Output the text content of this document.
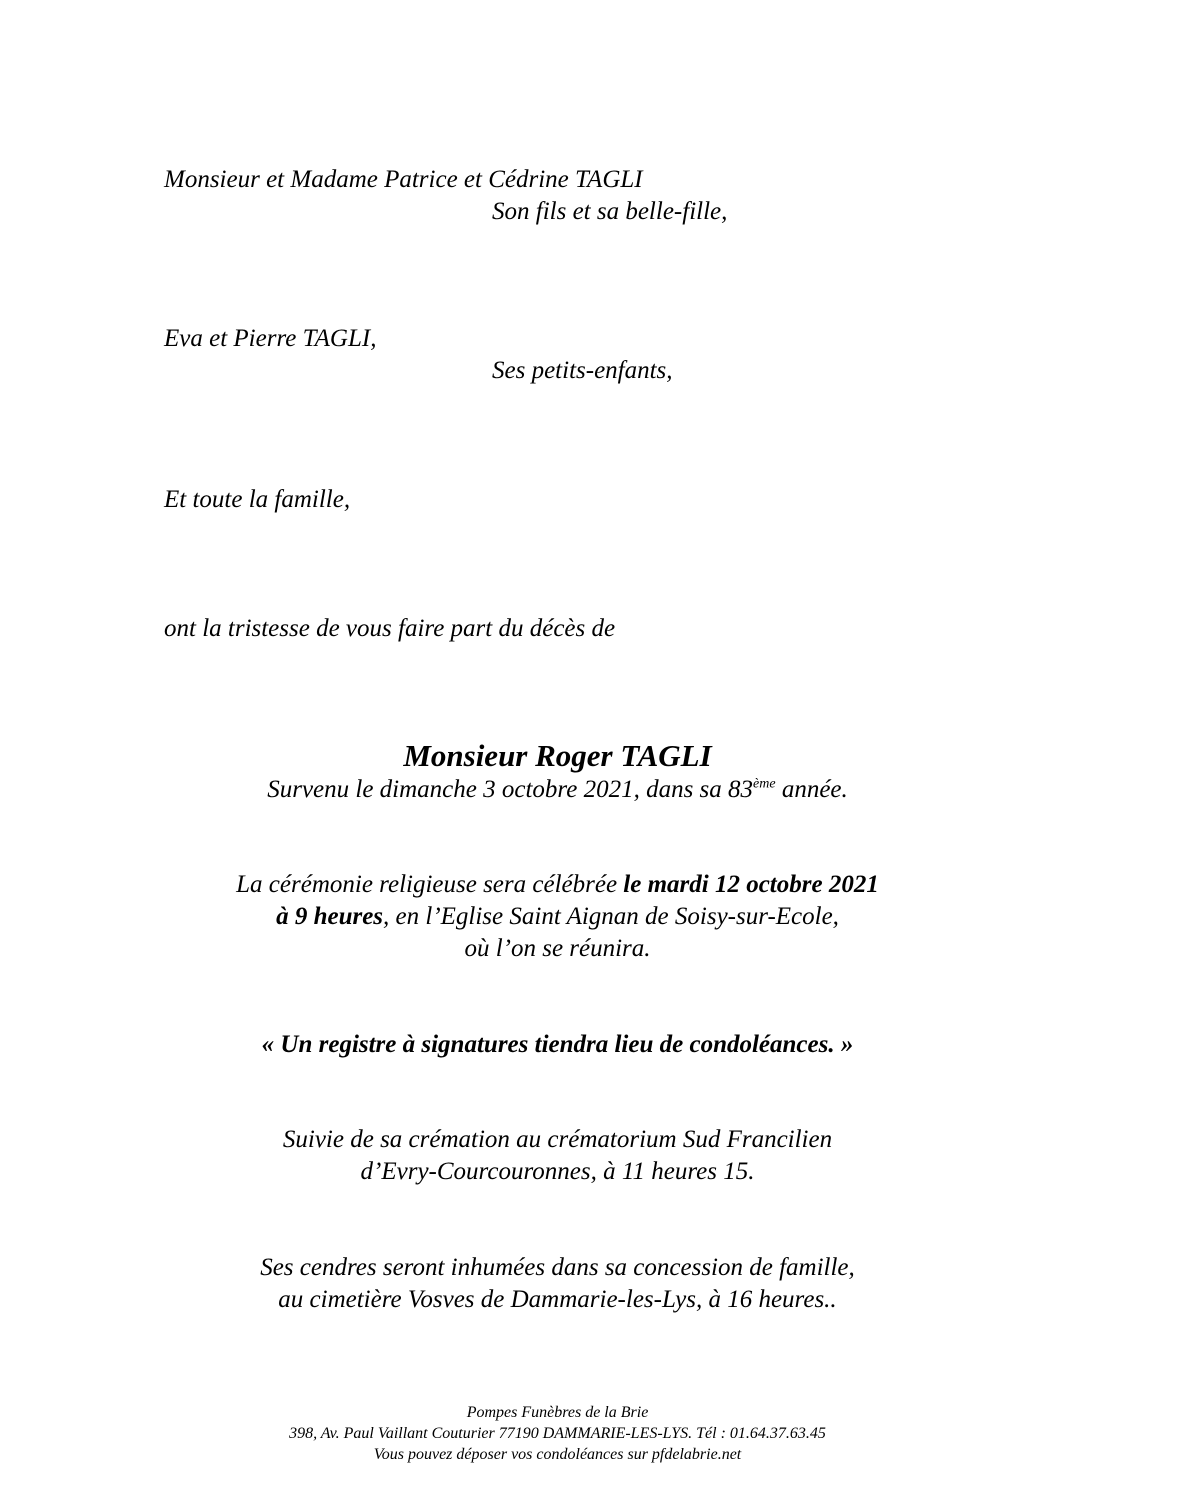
Monsieur et Madame Patrice et Cédrine TAGLI
Son fils et sa belle-fille,
Eva et Pierre TAGLI,
Ses petits-enfants,
Et toute la famille,
ont la tristesse de vous faire part du décès de
Monsieur Roger TAGLI
Survenu le dimanche 3 octobre 2021, dans sa 83ème année.
La cérémonie religieuse sera célébrée le mardi 12 octobre 2021
à 9 heures, en l’Eglise Saint Aignan de Soisy-sur-Ecole,
où l’on se réunira.
« Un registre à signatures tiendra lieu de condoléances. »
Suivie de sa crémation au crématorium Sud Francilien
d’Evry-Courcouronnes, à 11 heures 15.
Ses cendres seront inhumées dans sa concession de famille,
au cimetière Vosves de Dammarie-les-Lys, à 16 heures..
Pompes Funèbres de la Brie
398, Av. Paul Vaillant Couturier 77190 DAMMARIE-LES-LYS. Tél : 01.64.37.63.45
Vous pouvez déposer vos condoléances sur pfdelabrie.net
